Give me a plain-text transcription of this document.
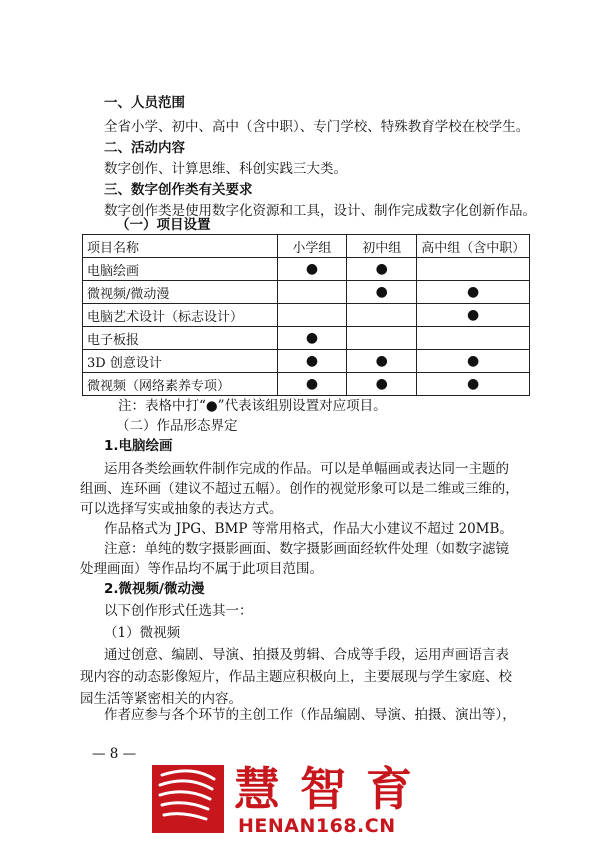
一、人员范围
全省小学、初中、高中（含中职）、专门学校、特殊教育学校在校学生。
二、活动内容
数字创作、计算思维、科创实践三大类。
三、数字创作类有关要求
数字创作类是使用数字化资源和工具，设计、制作完成数字化创新作品。
（一）项目设置
项目名称	小学组	初中组	高中组（含中职）
电脑绘画	●	●	
微视频/微动漫		●	●
电脑艺术设计（标志设计）			●
电子板报	●		
3D 创意设计	●	●	●
微视频（网络素养专项）	●	●	●
注：表格中打“●”代表该组别设置对应项目。
（二）作品形态界定
1.电脑绘画
运用各类绘画软件制作完成的作品。可以是单幅画或表达同一主题的
组画、连环画（建议不超过五幅）。创作的视觉形象可以是二维或三维的，
可以选择写实或抽象的表达方式。
作品格式为 JPG、BMP 等常用格式，作品大小建议不超过 20MB。
注意：单纯的数字摄影画面、数字摄影画面经软件处理（如数字滤镜
处理画面）等作品均不属于此项目范围。
2.微视频/微动漫
以下创作形式任选其一：
（1）微视频
通过创意、编剧、导演、拍摄及剪辑、合成等手段，运用声画语言表
现内容的动态影像短片，作品主题应积极向上，主要展现与学生家庭、校
园生活等紧密相关的内容。
作者应参与各个环节的主创工作（作品编剧、导演、拍摄、演出等），
— 8 —
慧智育
HENAN168.CN
